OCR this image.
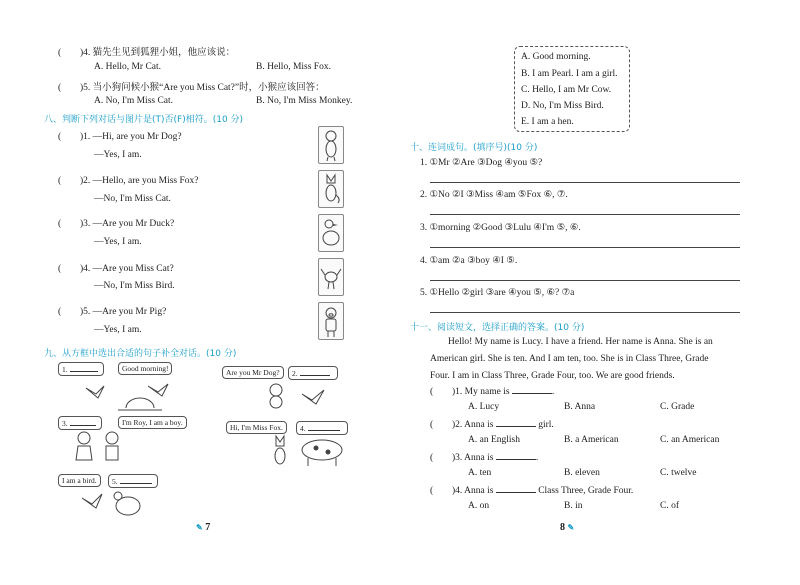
( )4. 猫先生见到狐狸小姐，他应该说：
A. Hello, Mr Cat.	B. Hello, Miss Fox.
( )5. 当小狗问候小猴“Are you Miss Cat?”时，小猴应该回答：
A. No, I'm Miss Cat.	B. No, I'm Miss Monkey.
八、判断下列对话与图片是(T)否(F)相符。(10 分)
( )1. —Hi, are you Mr Dog?
—Yes, I am.
( )2. —Hello, are you Miss Fox?
—No, I'm Miss Cat.
( )3. —Are you Mr Duck?
—Yes, I am.
( )4. —Are you Miss Cat?
—No, I'm Miss Bird.
( )5. —Are you Mr Pig?
—Yes, I am.
九、从方框中选出合适的句子补全对话。(10 分)
1.	Good morning!	Are you Mr Dog?	2.
3.	I'm Roy, I am a boy.
Hi, I'm Miss Fox.	4.
I am a bird.	5.
✎ 7
A. Good morning.
B. I am Pearl. I am a girl.
C. Hello, I am Mr Cow.
D. No, I'm Miss Bird.
E. I am a hen.
十、连词成句。(填序号)(10 分)
1. ①Mr ②Are ③Dog ④you ⑤?
2. ①No ②I ③Miss ④am ⑤Fox ⑥, ⑦.
3. ①morning ②Good ③Lulu ④I'm ⑤, ⑥.
4. ①am ②a ③boy ④I ⑤.
5. ①Hello ②girl ③are ④you ⑤, ⑥? ⑦a
十一、阅读短文，选择正确的答案。(10 分)
Hello! My name is Lucy. I have a friend. Her name is Anna. She is an
American girl. She is ten. And I am ten, too. She is in Class Three, Grade
Four. I am in Class Three, Grade Four, too. We are good friends.
( )1. My name is	.
A. Lucy	B. Anna	C. Grade
( )2. Anna is	girl.
A. an English	B. a American	C. an American
( )3. Anna is	.
A. ten	B. eleven	C. twelve
( )4. Anna is	Class Three, Grade Four.
A. on	B. in	C. of
8 ✎
